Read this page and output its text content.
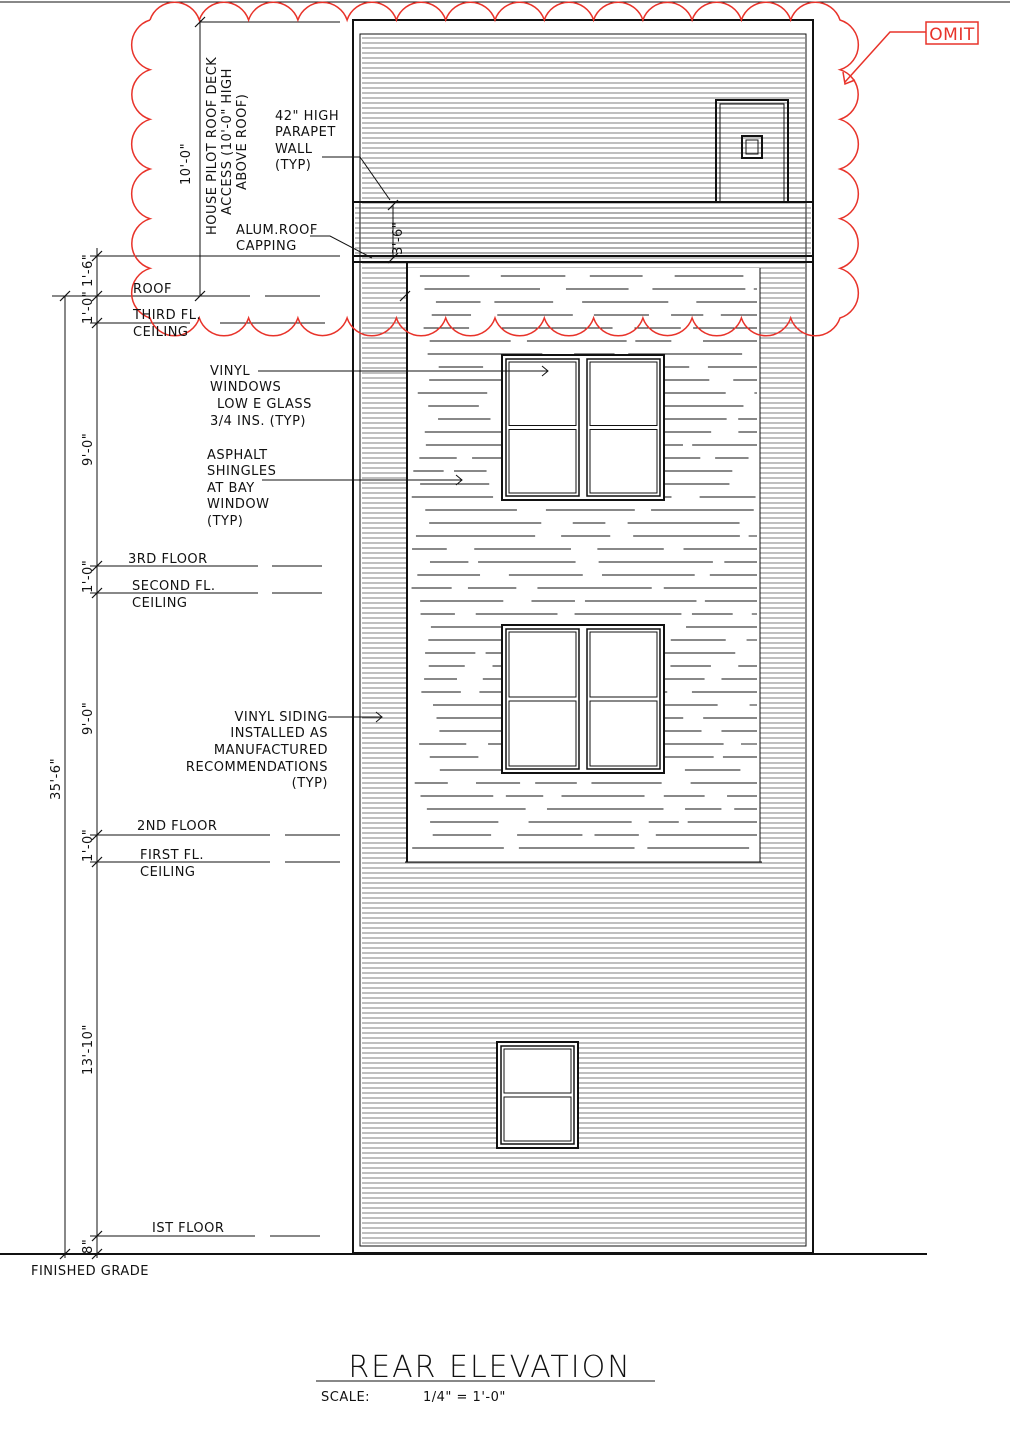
OMIT
HOUSE PILOT ROOF DECK ACCESS (10'-0" HIGH ABOVE ROOF)
10'-0"
3'-6"
42" HIGH
PARAPET
WALL
(TYP)
ALUM.ROOF
CAPPING
ROOF
THIRD FL.
CEILING
3RD FLOOR
SECOND FL.
CEILING
2ND FLOOR
FIRST FL.
CEILING
IST FLOOR
FINISHED GRADE
VINYL
WINDOWS
LOW E GLASS
3/4 INS. (TYP)
ASPHALT
SHINGLES
AT BAY
WINDOW
(TYP)
VINYL SIDING
INSTALLED AS
MANUFACTURED
RECOMMENDATIONS
(TYP)
1'-6"
1'-0"
9'-0"
1'-0"
9'-0"
1'-0"
13'-10"
8"
35'-6"
REAR ELEVATION
SCALE:	1/4" = 1'-0"
